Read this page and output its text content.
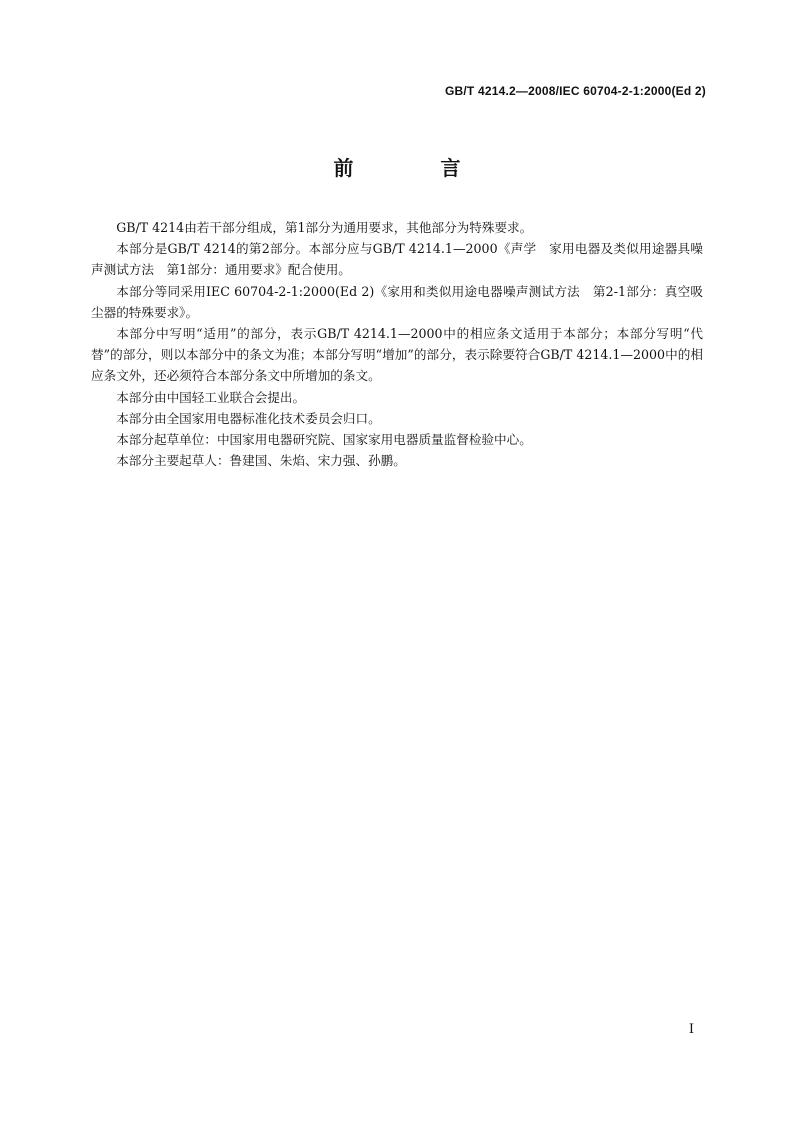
GB/T 4214.2—2008/IEC 60704-2-1:2000(Ed 2)
前 言

GB/T 4214由若干部分组成，第1部分为通用要求，其他部分为特殊要求。

本部分是GB/T 4214的第2部分。本部分应与GB/T 4214.1—2000《声学　家用电器及类似用途器具噪声测试方法　第1部分：通用要求》配合使用。

本部分等同采用IEC 60704-2-1:2000(Ed 2)《家用和类似用途电器噪声测试方法　第2-1部分：真空吸尘器的特殊要求》。

本部分中写明“适用”的部分，表示GB/T 4214.1—2000中的相应条文适用于本部分；本部分写明“代替”的部分，则以本部分中的条文为准；本部分写明“增加”的部分，表示除要符合GB/T 4214.1—2000中的相应条文外，还必须符合本部分条文中所增加的条文。

本部分由中国轻工业联合会提出。

本部分由全国家用电器标准化技术委员会归口。

本部分起草单位：中国家用电器研究院、国家家用电器质量监督检验中心。

本部分主要起草人：鲁建国、朱焰、宋力强、孙鹏。

I
